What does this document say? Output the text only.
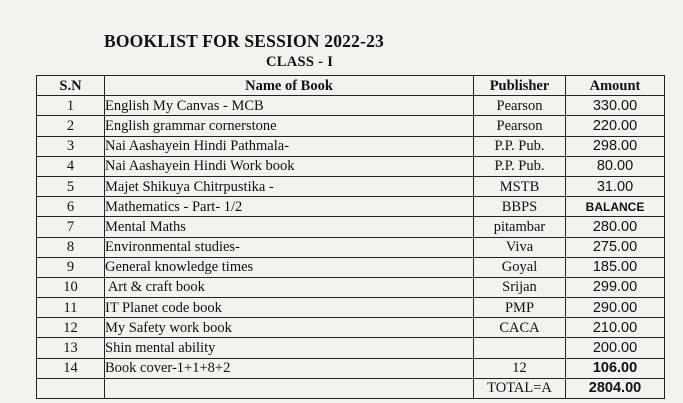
BOOKLIST FOR SESSION 2022-23
CLASS - I
S.N	Name of Book	Publisher	Amount
1	English My Canvas - MCB	Pearson	330.00
2	English grammar cornerstone	Pearson	220.00
3	Nai Aashayein Hindi Pathmala-	P.P. Pub.	298.00
4	Nai Aashayein Hindi Work book	P.P. Pub.	80.00
5	Majet Shikuya Chitrpustika -	MSTB	31.00
6	Mathematics - Part- 1/2	BBPS	BALANCE
7	Mental Maths	pitambar	280.00
8	Environmental studies-	Viva	275.00
9	General knowledge times	Goyal	185.00
10	Art & craft book	Srijan	299.00
11	IT Planet code book	PMP	290.00
12	My Safety work book	CACA	210.00
13	Shin mental ability		200.00
14	Book cover-1+1+8+2	12	106.00
		TOTAL=A	2804.00
